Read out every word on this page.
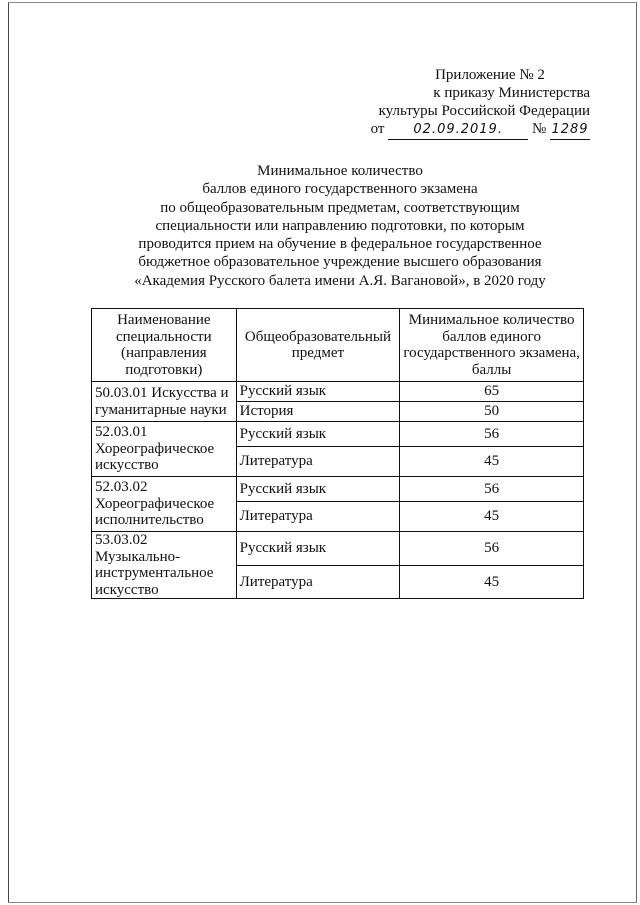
Приложение № 2
к приказу Министерства
культуры Российской Федерации
от 02.09.2019. № 1289
Минимальное количество
баллов единого государственного экзамена
по общеобразовательным предметам, соответствующим
специальности или направлению подготовки, по которым
проводится прием на обучение в федеральное государственное
бюджетное образовательное учреждение высшего образования
«Академия Русского балета имени А.Я. Вагановой», в 2020 году
Наименование специальности (направления подготовки)	Общеобразовательный предмет	Минимальное количество баллов единого государственного экзамена, баллы
50.03.01 Искусства и гуманитарные науки	Русский язык	65
	История	50
52.03.01 Хореографическое искусство	Русский язык	56
	Литература	45
52.03.02 Хореографическое исполнительство	Русский язык	56
	Литература	45
53.03.02 Музыкально-инструментальное искусство	Русский язык	56
	Литература	45
